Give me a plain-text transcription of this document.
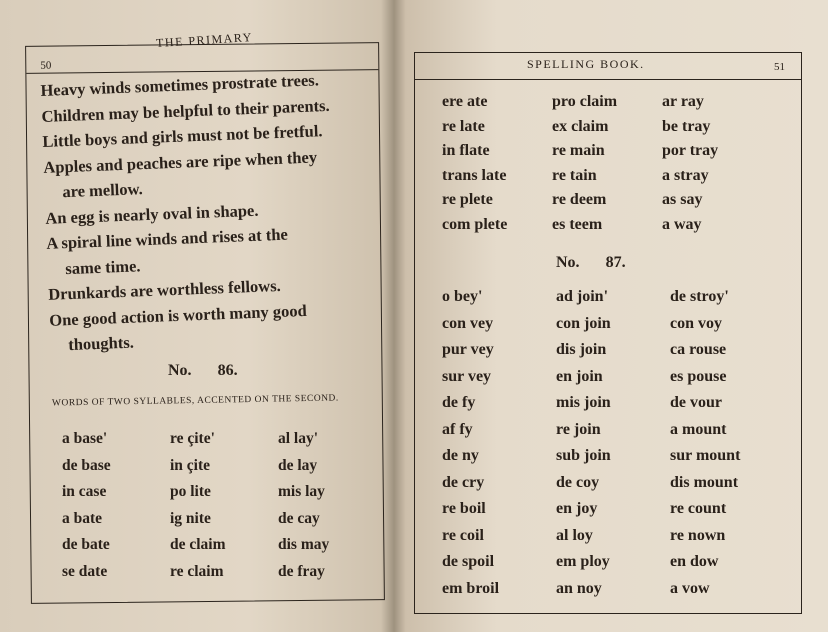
THE PRIMARY
50
Heavy winds sometimes prostrate trees.
Children may be helpful to their parents.
Little boys and girls must not be fretful.
Apples and peaches are ripe when they
are mellow.
An egg is nearly oval in shape.
A spiral line winds and rises at the
same time.
Drunkards are worthless fellows.
One good action is worth many good
thoughts.
No. 86.
WORDS OF TWO SYLLABLES, ACCENTED ON THE SECOND.
a base'	re çite'	al lay'
de base	in çite	de lay
in case	po lite	mis lay
a bate	ig nite	de cay
de bate	de claim	dis may
se date	re claim	de fray
SPELLING BOOK.	51
ere ate	pro claim	ar ray
re late	ex claim	be tray
in flate	re main	por tray
trans late	re tain	a stray
re plete	re deem	as say
com plete	es teem	a way
No. 87.
o bey'	ad join'	de stroy'
con vey	con join	con voy
pur vey	dis join	ca rouse
sur vey	en join	es pouse
de fy	mis join	de vour
af fy	re join	a mount
de ny	sub join	sur mount
de cry	de coy	dis mount
re boil	en joy	re count
re coil	al loy	re nown
de spoil	em ploy	en dow
em broil	an noy	a vow
